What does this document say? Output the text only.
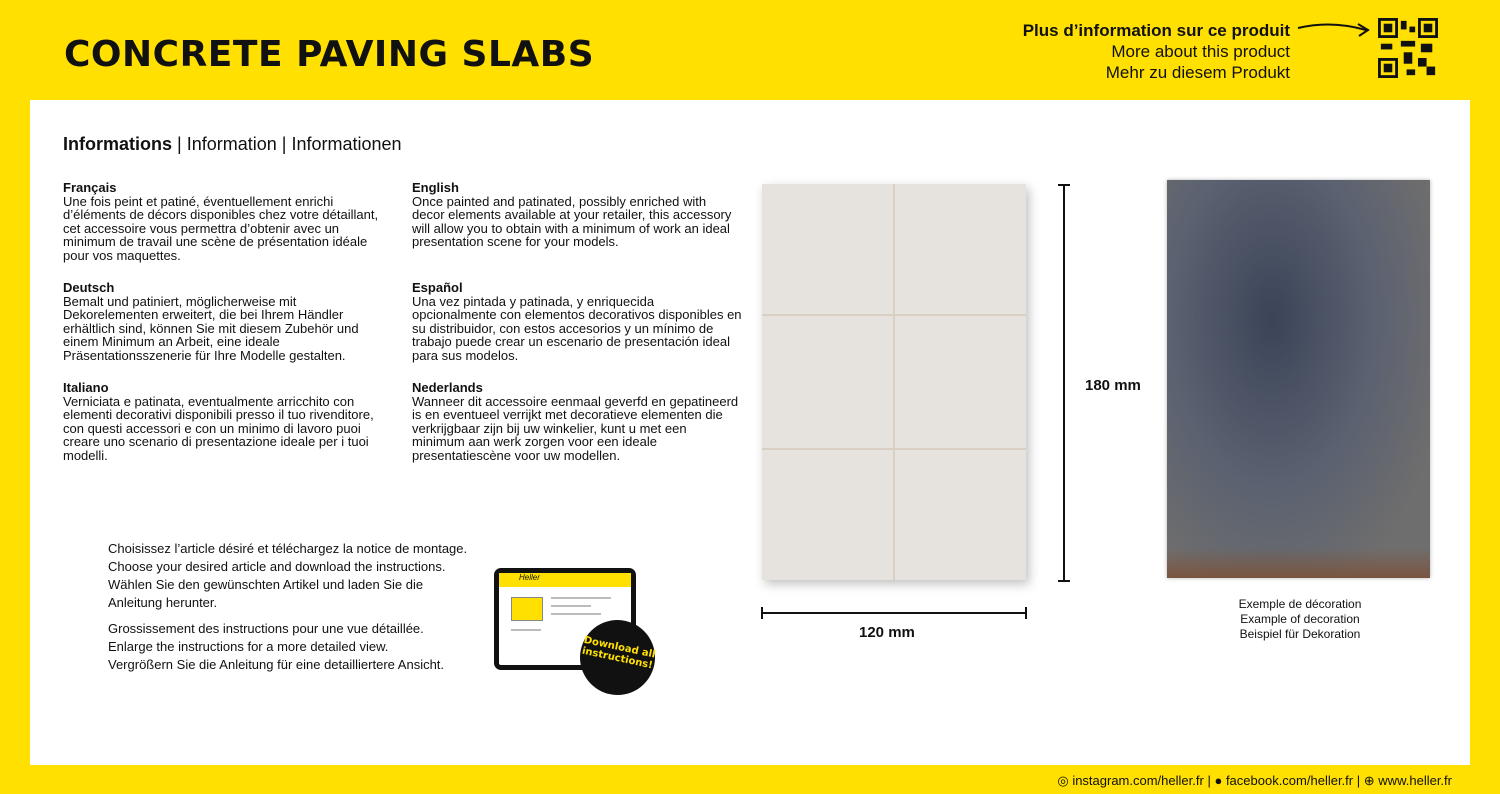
CONCRETE PAVING SLABS
Plus d’information sur ce produit
More about this product
Mehr zu diesem Produkt
Informations | Information | Informationen
Français

Une fois peint et patiné, éventuellement enrichi d’éléments de décors disponibles chez votre détaillant, cet accessoire vous permettra d’obtenir avec un minimum de travail une scène de présentation idéale pour vos maquettes.

Deutsch

Bemalt und patiniert, möglicherweise mit Dekorelementen erweitert, die bei Ihrem Händler erhältlich sind, können Sie mit diesem Zubehör und einem Minimum an Arbeit, eine ideale Präsentationsszenerie für Ihre Modelle gestalten.

Italiano

Verniciata e patinata, eventualmente arricchito con elementi decorativi disponibili presso il tuo rivenditore, con questi accessori e con un minimo di lavoro puoi creare uno scenario di presentazione ideale per i tuoi modelli.

English

Once painted and patinated, possibly enriched with decor elements available at your retailer, this accessory will allow you to obtain with a minimum of work an ideal presentation scene for your models.

Español

Una vez pintada y patinada, y enriquecida opcionalmente con elementos decorativos disponibles en su distribuidor, con estos accesorios y un mínimo de trabajo puede crear un escenario de presentación ideal para sus modelos.

Nederlands

Wanneer dit accessoire eenmaal geverfd en gepatineerd is en eventueel verrijkt met decoratieve elementen die verkrijgbaar zijn bij uw winkelier, kunt u met een minimum aan werk zorgen voor een ideale presentatiescène voor uw modellen.

Choisissez l’article désiré et téléchargez la notice de montage.
Choose your desired article and download the instructions.
Wählen Sie den gewünschten Artikel und laden Sie die
Anleitung herunter.
Grossissement des instructions pour une vue détaillée.
Enlarge the instructions for a more detailed view.
Vergrößern Sie die Anleitung für eine detailliertere Ansicht.
Heller
Download all instructions!
180 mm
120 mm
Exemple de décoration
Example of decoration
Beispiel für Dekoration
◎ instagram.com/heller.fr | ● facebook.com/heller.fr | ⊕ www.heller.fr
